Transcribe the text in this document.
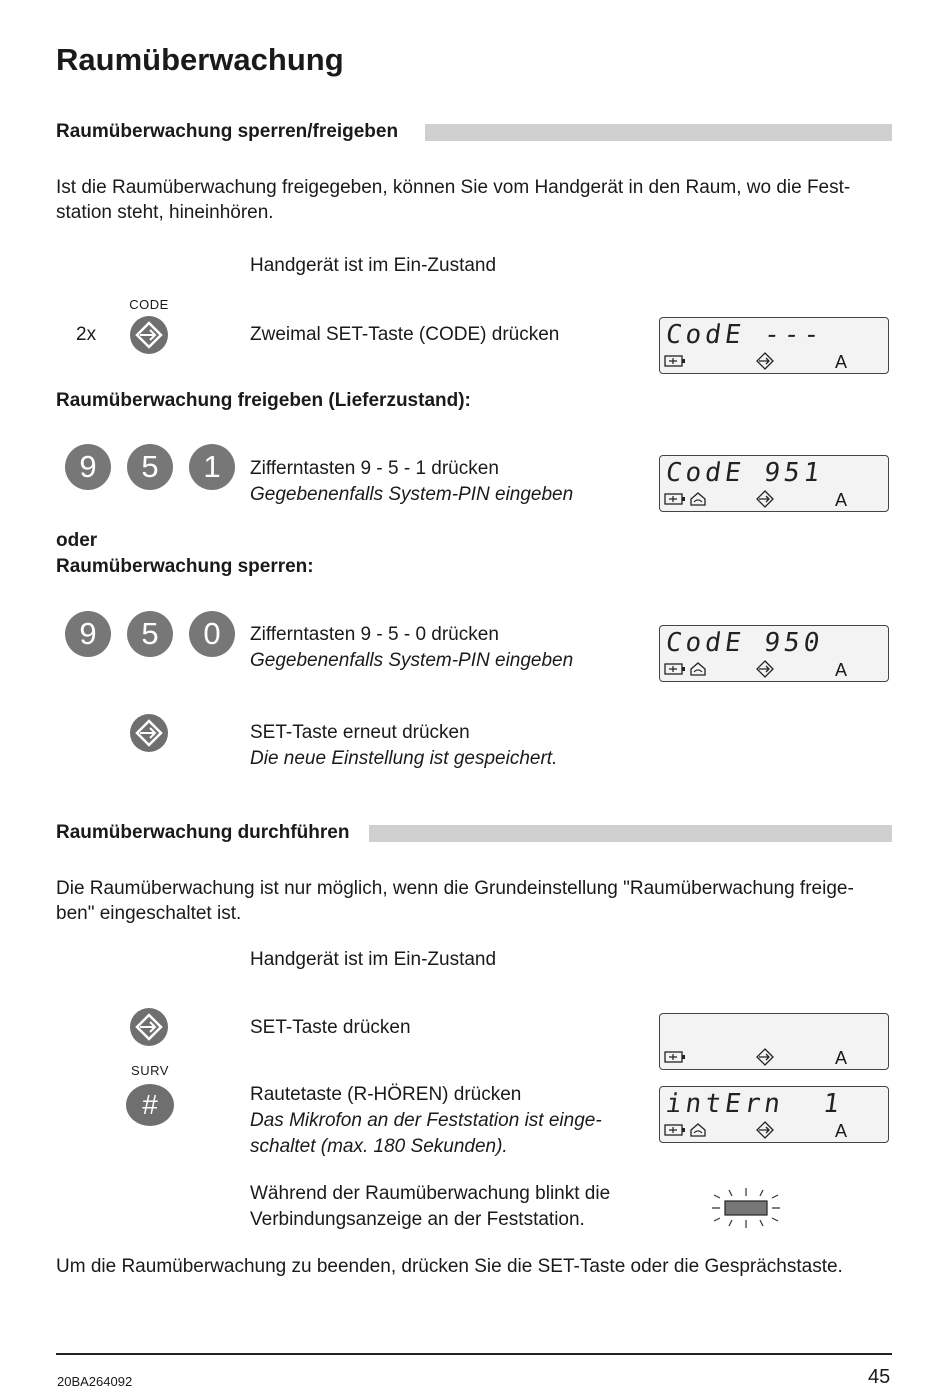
Raumüberwachung
Raumüberwachung sperren/freigeben
Ist die Raumüberwachung freigegeben, können Sie vom Handgerät in den Raum, wo die Fest-
station steht, hineinhören.
Handgerät ist im Ein-Zustand
CODE
2x	Zweimal SET-Taste (CODE) drücken	CodE ---
A
Raumüberwachung freigeben (Lieferzustand):
9	5	1	Zifferntasten 9 - 5 - 1 drücken
Gegebenenfalls System-PIN eingeben
CodE 951
A
oder
Raumüberwachung sperren:
9	5	0	Zifferntasten 9 - 5 - 0 drücken
Gegebenenfalls System-PIN eingeben
CodE 950
A
SET-Taste erneut drücken
Die neue Einstellung ist gespeichert.
Raumüberwachung durchführen
Die Raumüberwachung ist nur möglich, wenn die Grundeinstellung "Raumüberwachung freige-
ben" eingeschaltet ist.
Handgerät ist im Ein-Zustand
SET-Taste drücken
A
SURV
#	Rautetaste (R-HÖREN) drücken
Das Mikrofon an der Feststation ist einge-
schaltet (max. 180 Sekunden).
intErn  1
A
Während der Raumüberwachung blinkt die
Verbindungsanzeige an der Feststation.
Um die Raumüberwachung zu beenden, drücken Sie die SET-Taste oder die Gesprächstaste.
20BA264092	45
